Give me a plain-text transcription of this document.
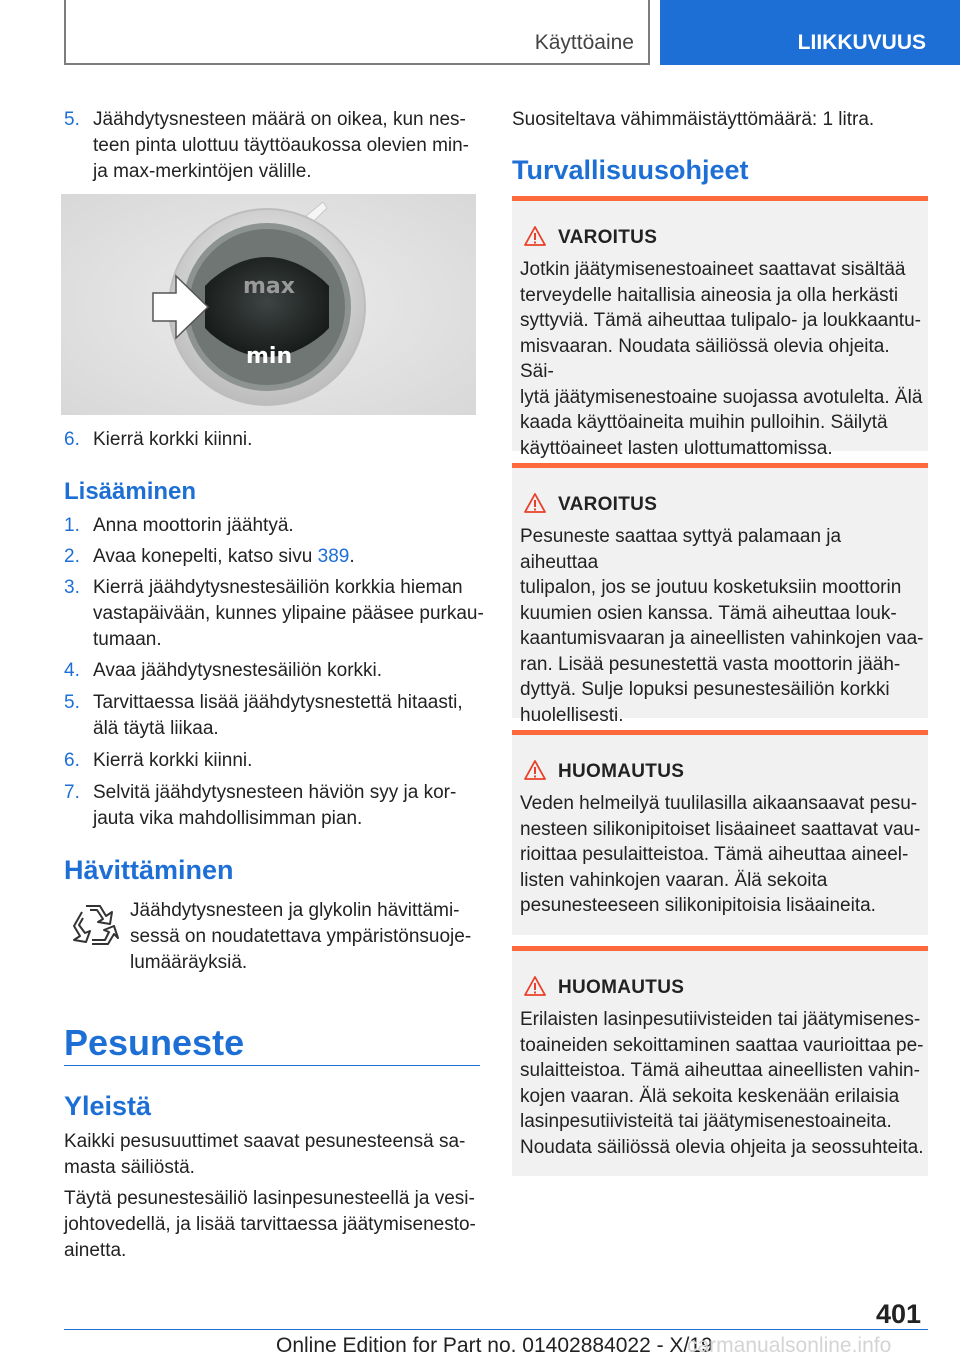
Käyttöaine	LIIKKUVUUS
5. Jäähdytysnesteen määrä on oikea, kun nes-
teen pinta ulottuu täyttöaukossa olevien min-
ja max-merkintöjen välille.
max
min
6. Kierrä korkki kiinni.
Lisääminen
1. Anna moottorin jäähtyä.
2. Avaa konepelti, katso sivu 389.
3. Kierrä jäähdytysnestesäiliön korkkia hieman
vastapäivään, kunnes ylipaine pääsee purkau-
tumaan.
4. Avaa jäähdytysnestesäiliön korkki.
5. Tarvittaessa lisää jäähdytysnestettä hitaasti,
älä täytä liikaa.
6. Kierrä korkki kiinni.
7. Selvitä jäähdytysnesteen häviön syy ja kor-
jauta vika mahdollisimman pian.
Hävittäminen
Jäähdytysnesteen ja glykolin hävittämi-
sessä on noudatettava ympäristönsuoje-
lumääräyksiä.
Pesuneste
Yleistä
Kaikki pesusuuttimet saavat pesunesteensä sa-
masta säiliöstä.
Täytä pesunestesäiliö lasinpesunesteellä ja vesi-
johtovedellä, ja lisää tarvittaessa jäätymisenesto-
ainetta.
Suositeltava vähimmäistäyttömäärä: 1 litra.
Turvallisuusohjeet
VAROITUS
Jotkin jäätymisenestoaineet saattavat sisältää
terveydelle haitallisia aineosia ja olla herkästi
syttyviä. Tämä aiheuttaa tulipalo- ja loukkaantu-
misvaaran. Noudata säiliössä olevia ohjeita. Säi-
lytä jäätymisenestoaine suojassa avotulelta. Älä
kaada käyttöaineita muihin pulloihin. Säilytä
käyttöaineet lasten ulottumattomissa.
VAROITUS
Pesuneste saattaa syttyä palamaan ja aiheuttaa
tulipalon, jos se joutuu kosketuksiin moottorin
kuumien osien kanssa. Tämä aiheuttaa louk-
kaantumisvaaran ja aineellisten vahinkojen vaa-
ran. Lisää pesunestettä vasta moottorin jääh-
dyttyä. Sulje lopuksi pesunestesäiliön korkki
huolellisesti.
HUOMAUTUS
Veden helmeilyä tuulilasilla aikaansaavat pesu-
nesteen silikonipitoiset lisäaineet saattavat vau-
rioittaa pesulaitteistoa. Tämä aiheuttaa aineel-
listen vahinkojen vaaran. Älä sekoita
pesunesteeseen silikonipitoisia lisäaineita.
HUOMAUTUS
Erilaisten lasinpesutiivisteiden tai jäätymisenes-
toaineiden sekoittaminen saattaa vaurioittaa pe-
sulaitteistoa. Tämä aiheuttaa aineellisten vahin-
kojen vaaran. Älä sekoita keskenään erilaisia
lasinpesutiivisteitä tai jäätymisenestoaineita.
Noudata säiliössä olevia ohjeita ja seossuhteita.
401
Online Edition for Part no. 01402884022 - X/19
carmanualsonline.info
